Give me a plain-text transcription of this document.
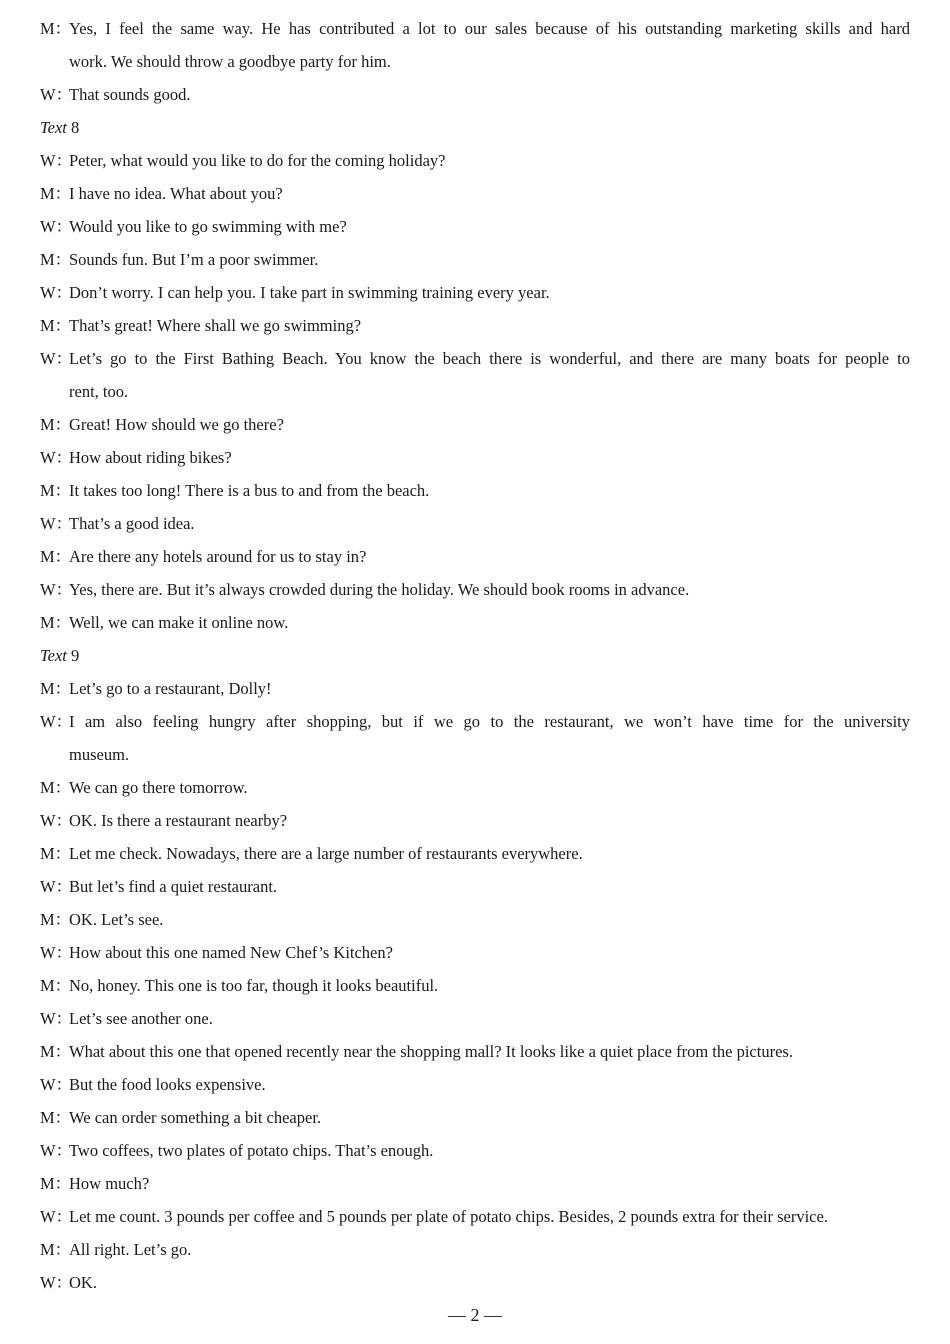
M：Yes, I feel the same way. He has contributed a lot to our sales because of his outstanding marketing skills and hard
work. We should throw a goodbye party for him.
W：That sounds good.
Text 8
W：Peter, what would you like to do for the coming holiday?
M：I have no idea. What about you?
W：Would you like to go swimming with me?
M：Sounds fun. But I’m a poor swimmer.
W：Don’t worry. I can help you. I take part in swimming training every year.
M：That’s great! Where shall we go swimming?
W：Let’s go to the First Bathing Beach. You know the beach there is wonderful, and there are many boats for people to
rent, too.
M：Great! How should we go there?
W：How about riding bikes?
M：It takes too long! There is a bus to and from the beach.
W：That’s a good idea.
M：Are there any hotels around for us to stay in?
W：Yes, there are. But it’s always crowded during the holiday. We should book rooms in advance.
M：Well, we can make it online now.
Text 9
M：Let’s go to a restaurant, Dolly!
W：I am also feeling hungry after shopping, but if we go to the restaurant, we won’t have time for the university
museum.
M：We can go there tomorrow.
W：OK. Is there a restaurant nearby?
M：Let me check. Nowadays, there are a large number of restaurants everywhere.
W：But let’s find a quiet restaurant.
M：OK. Let’s see.
W：How about this one named New Chef’s Kitchen?
M：No, honey. This one is too far, though it looks beautiful.
W：Let’s see another one.
M：What about this one that opened recently near the shopping mall? It looks like a quiet place from the pictures.
W：But the food looks expensive.
M：We can order something a bit cheaper.
W：Two coffees, two plates of potato chips. That’s enough.
M：How much?
W：Let me count. 3 pounds per coffee and 5 pounds per plate of potato chips. Besides, 2 pounds extra for their service.
M：All right. Let’s go.
W：OK.
— 2 —
